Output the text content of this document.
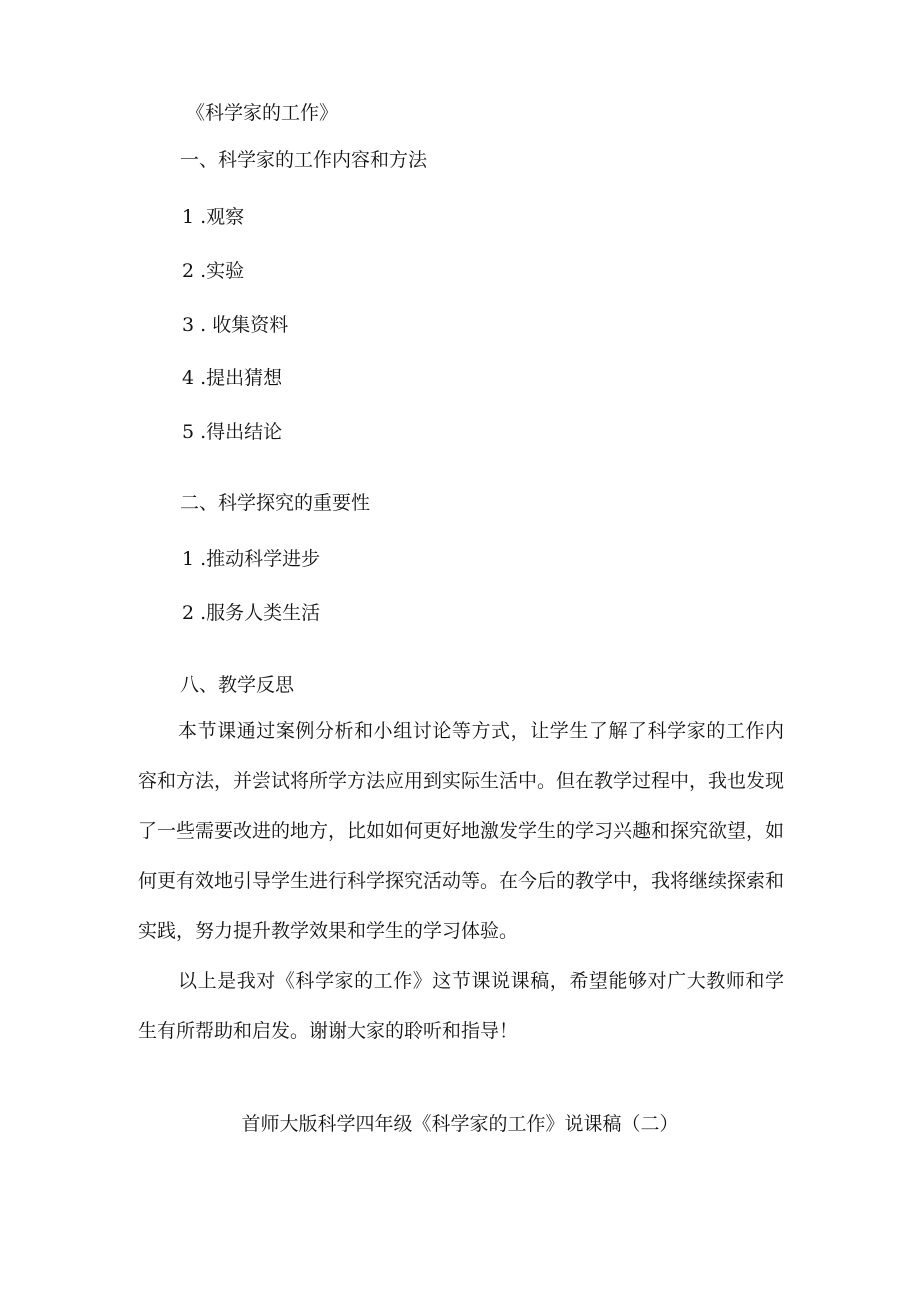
《科学家的工作》

一、科学家的工作内容和方法

1 .观察

2 .实验

3 . 收集资料

4 .提出猜想

5 .得出结论

二、科学探究的重要性

1 .推动科学进步

2 .服务人类生活

八、教学反思

本节课通过案例分析和小组讨论等方式，让学生了解了科学家的工作内容和方法，并尝试将所学方法应用到实际生活中。但在教学过程中，我也发现了一些需要改进的地方，比如如何更好地激发学生的学习兴趣和探究欲望，如何更有效地引导学生进行科学探究活动等。在今后的教学中，我将继续探索和实践，努力提升教学效果和学生的学习体验。

以上是我对《科学家的工作》这节课说课稿，希望能够对广大教师和学生有所帮助和启发。谢谢大家的聆听和指导！

首师大版科学四年级《科学家的工作》说课稿（二）
